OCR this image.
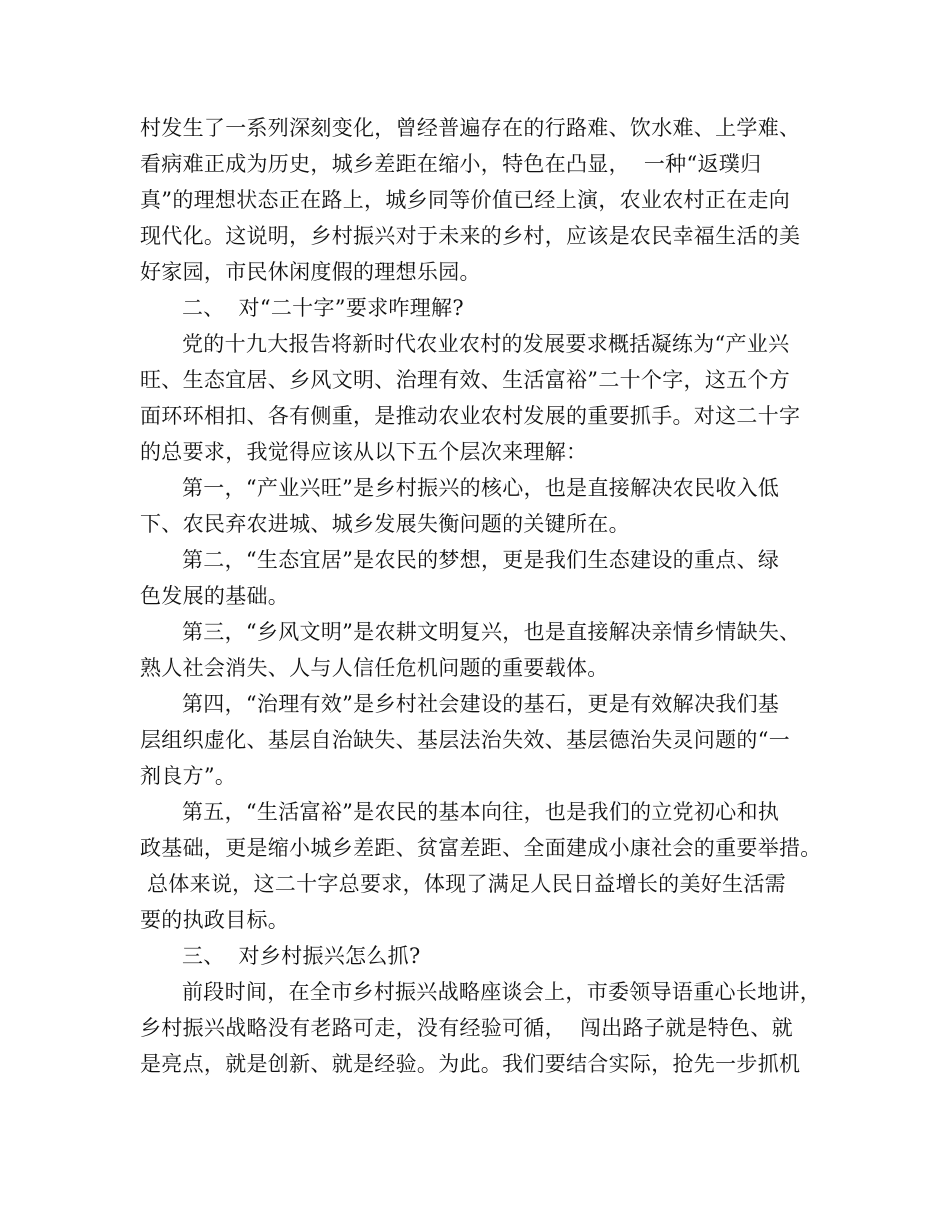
村发生了一系列深刻变化，曾经普遍存在的行路难、饮水难、上学难、
看病难正成为历史，城乡差距在缩小，特色在凸显，  一种“返璞归
真”的理想状态正在路上，城乡同等价值已经上演，农业农村正在走向
现代化。这说明，乡村振兴对于未来的乡村，应该是农民幸福生活的美
好家园，市民休闲度假的理想乐园。
二、  对“二十字”要求咋理解?
党的十九大报告将新时代农业农村的发展要求概括凝练为“产业兴
旺、生态宜居、乡风文明、治理有效、生活富裕”二十个字，这五个方
面环环相扣、各有侧重，是推动农业农村发展的重要抓手。对这二十字
的总要求，我觉得应该从以下五个层次来理解：
第一，“产业兴旺”是乡村振兴的核心，也是直接解决农民收入低
下、农民弃农进城、城乡发展失衡问题的关键所在。
第二，“生态宜居”是农民的梦想，更是我们生态建设的重点、绿
色发展的基础。
第三，“乡风文明”是农耕文明复兴，也是直接解决亲情乡情缺失、
熟人社会消失、人与人信任危机问题的重要载体。
第四，“治理有效”是乡村社会建设的基石，更是有效解决我们基
层组织虚化、基层自治缺失、基层法治失效、基层德治失灵问题的“一
剂良方”。
第五，“生活富裕”是农民的基本向往，也是我们的立党初心和执
政基础，更是缩小城乡差距、贫富差距、全面建成小康社会的重要举措。
总体来说，这二十字总要求，体现了满足人民日益增长的美好生活需
要的执政目标。
三、  对乡村振兴怎么抓?
前段时间，在全市乡村振兴战略座谈会上，市委领导语重心长地讲，
乡村振兴战略没有老路可走，没有经验可循，  闯出路子就是特色、就
是亮点，就是创新、就是经验。为此。我们要结合实际，抢先一步抓机
